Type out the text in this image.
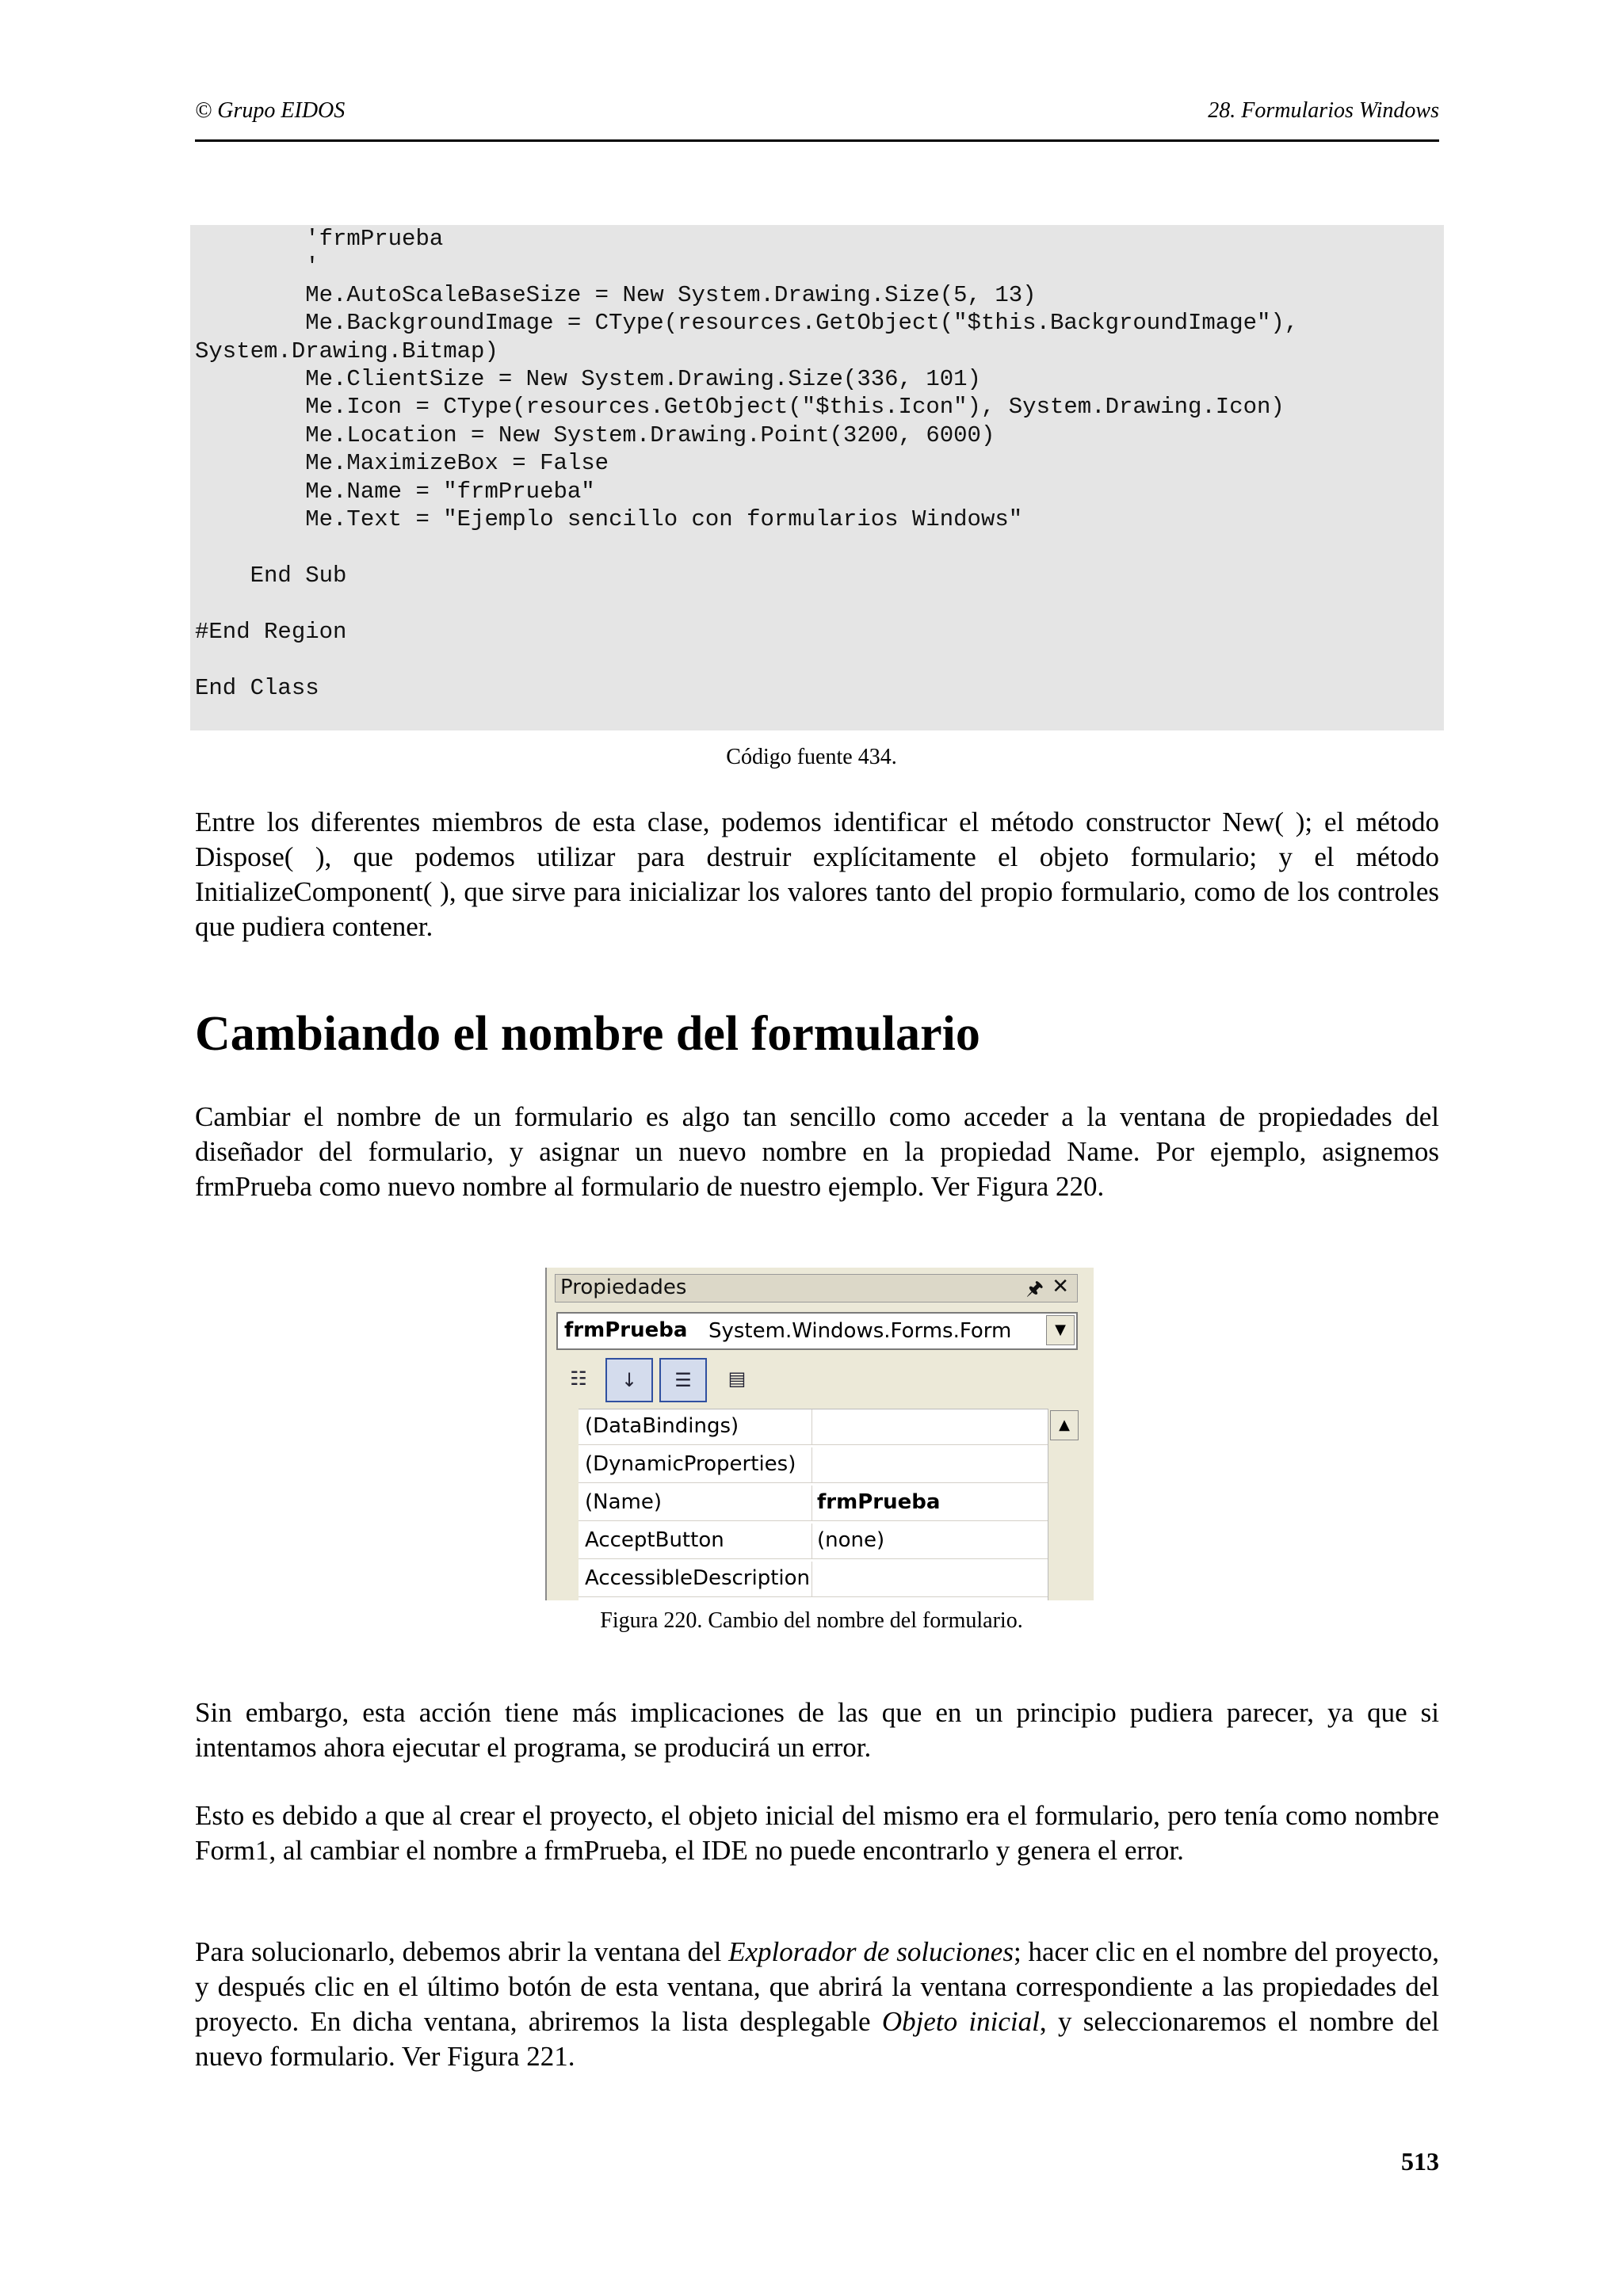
© Grupo EIDOS	28. Formularios Windows
'frmPrueba
'
Me.AutoScaleBaseSize = New System.Drawing.Size(5, 13)
Me.BackgroundImage = CType(resources.GetObject("$this.BackgroundImage"),
System.Drawing.Bitmap)
Me.ClientSize = New System.Drawing.Size(336, 101)
Me.Icon = CType(resources.GetObject("$this.Icon"), System.Drawing.Icon)
Me.Location = New System.Drawing.Point(3200, 6000)
Me.MaximizeBox = False
Me.Name = "frmPrueba"
Me.Text = "Ejemplo sencillo con formularios Windows"

End Sub

#End Region

End Class
Código fuente 434.

Entre los diferentes miembros de esta clase, podemos identificar el método constructor New( ); el método Dispose( ), que podemos utilizar para destruir explícitamente el objeto formulario; y el método InitializeComponent( ), que sirve para inicializar los valores tanto del propio formulario, como de los controles que pudiera contener.

Cambiando el nombre del formulario

Cambiar el nombre de un formulario es algo tan sencillo como acceder a la ventana de propiedades del diseñador del formulario, y asignar un nuevo nombre en la propiedad Name. Por ejemplo, asignemos frmPrueba como nuevo nombre al formulario de nuestro ejemplo. Ver Figura 220.

Propiedades	🖈︎ ✕
frmPrueba System.Windows.Forms.Form	▼
☷	↓	☰	▤
(DataBindings)
(DynamicProperties)
(Name)	frmPrueba
AcceptButton	(none)
AccessibleDescription
▲
Figura 220. Cambio del nombre del formulario.

Sin embargo, esta acción tiene más implicaciones de las que en un principio pudiera parecer, ya que si intentamos ahora ejecutar el programa, se producirá un error.

Esto es debido a que al crear el proyecto, el objeto inicial del mismo era el formulario, pero tenía como nombre Form1, al cambiar el nombre a frmPrueba, el IDE no puede encontrarlo y genera el error.

Para solucionarlo, debemos abrir la ventana del Explorador de soluciones; hacer clic en el nombre del proyecto, y después clic en el último botón de esta ventana, que abrirá la ventana correspondiente a las propiedades del proyecto. En dicha ventana, abriremos la lista desplegable Objeto inicial, y seleccionaremos el nombre del nuevo formulario. Ver Figura 221.

513
